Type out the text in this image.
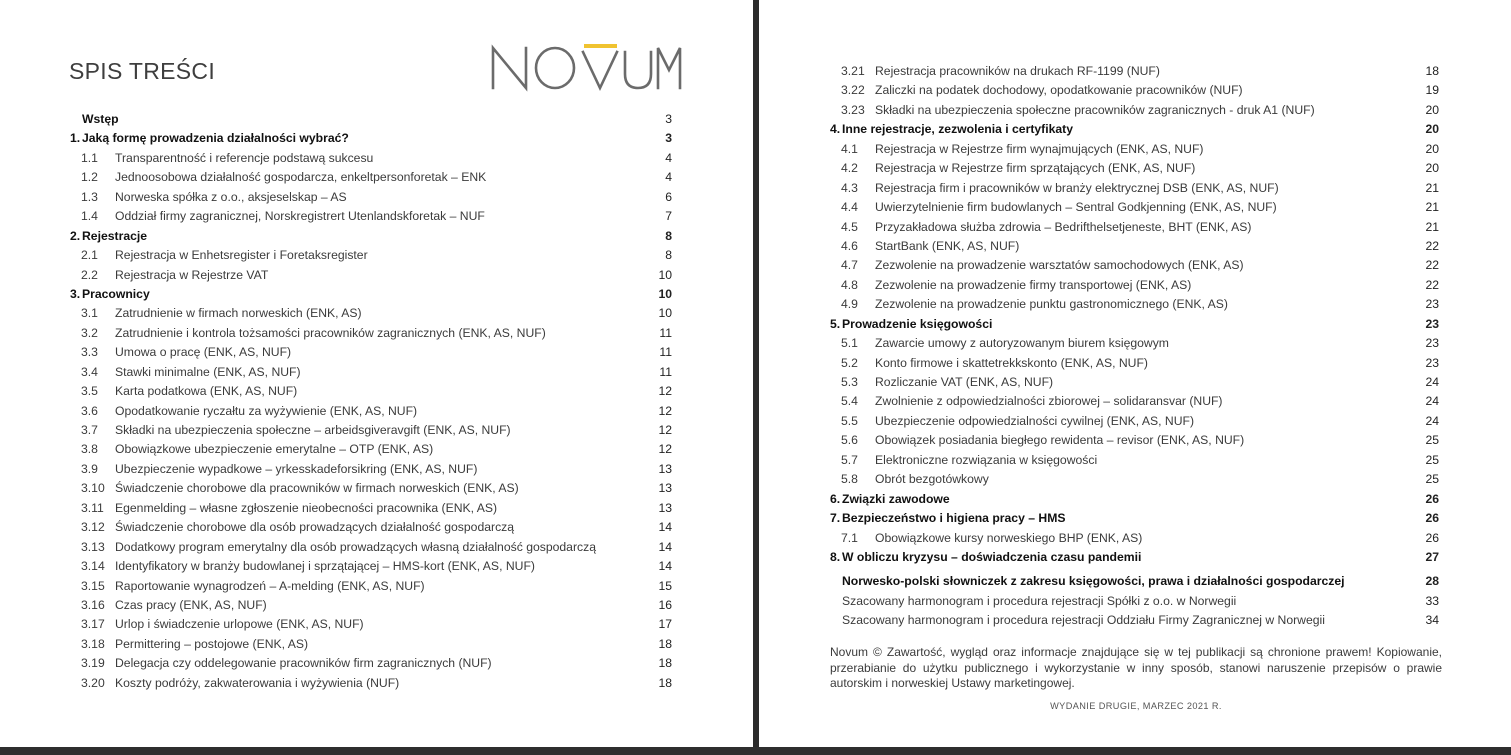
SPIS TREŚCI
Wstęp	3
1. Jaką formę prowadzenia działalności wybrać?	3
1.1 Transparentność i referencje podstawą sukcesu	4
1.2 Jednoosobowa działalność gospodarcza, enkeltpersonforetak – ENK	4
1.3 Norweska spółka z o.o., aksjeselskap – AS	6
1.4 Oddział firmy zagranicznej, Norskregistrert Utenlandskforetak – NUF	7
2. Rejestracje	8
2.1 Rejestracja w Enhetsregister i Foretaksregister	8
2.2 Rejestracja w Rejestrze VAT	10
3. Pracownicy	10
3.1 Zatrudnienie w firmach norweskich (ENK, AS)	10
3.2 Zatrudnienie i kontrola tożsamości pracowników zagranicznych (ENK, AS, NUF)	11
3.3 Umowa o pracę (ENK, AS, NUF)	11
3.4 Stawki minimalne (ENK, AS, NUF)	11
3.5 Karta podatkowa (ENK, AS, NUF)	12
3.6 Opodatkowanie ryczałtu za wyżywienie (ENK, AS, NUF)	12
3.7 Składki na ubezpieczenia społeczne – arbeidsgiveravgift (ENK, AS, NUF)	12
3.8 Obowiązkowe ubezpieczenie emerytalne – OTP (ENK, AS)	12
3.9 Ubezpieczenie wypadkowe – yrkesskadeforsikring (ENK, AS, NUF)	13
3.10 Świadczenie chorobowe dla pracowników w firmach norweskich (ENK, AS)	13
3.11 Egenmelding – własne zgłoszenie nieobecności pracownika (ENK, AS)	13
3.12 Świadczenie chorobowe dla osób prowadzących działalność gospodarczą	14
3.13 Dodatkowy program emerytalny dla osób prowadzących własną działalność gospodarczą	14
3.14 Identyfikatory w branży budowlanej i sprzątającej – HMS-kort (ENK, AS, NUF)	14
3.15 Raportowanie wynagrodzeń – A-melding (ENK, AS, NUF)	15
3.16 Czas pracy (ENK, AS, NUF)	16
3.17 Urlop i świadczenie urlopowe (ENK, AS, NUF)	17
3.18 Permittering – postojowe (ENK, AS)	18
3.19 Delegacja czy oddelegowanie pracowników firm zagranicznych (NUF)	18
3.20 Koszty podróży, zakwaterowania i wyżywienia (NUF)	18
3.21 Rejestracja pracowników na drukach RF-1199 (NUF)	18
3.22 Zaliczki na podatek dochodowy, opodatkowanie pracowników (NUF)	19
3.23 Składki na ubezpieczenia społeczne pracowników zagranicznych - druk A1 (NUF)	20
4. Inne rejestracje, zezwolenia i certyfikaty	20
4.1 Rejestracja w Rejestrze firm wynajmujących (ENK, AS, NUF)	20
4.2 Rejestracja w Rejestrze firm sprzątających (ENK, AS, NUF)	20
4.3 Rejestracja firm i pracowników w branży elektrycznej DSB (ENK, AS, NUF)	21
4.4 Uwierzytelnienie firm budowlanych – Sentral Godkjenning (ENK, AS, NUF)	21
4.5 Przyzakładowa służba zdrowia – Bedrifthelsetjeneste, BHT (ENK, AS)	21
4.6 StartBank (ENK, AS, NUF)	22
4.7 Zezwolenie na prowadzenie warsztatów samochodowych (ENK, AS)	22
4.8 Zezwolenie na prowadzenie firmy transportowej (ENK, AS)	22
4.9 Zezwolenie na prowadzenie punktu gastronomicznego (ENK, AS)	23
5. Prowadzenie księgowości	23
5.1 Zawarcie umowy z autoryzowanym biurem księgowym	23
5.2 Konto firmowe i skattetrekkskonto (ENK, AS, NUF)	23
5.3 Rozliczanie VAT (ENK, AS, NUF)	24
5.4 Zwolnienie z odpowiedzialności zbiorowej – solidaransvar (NUF)	24
5.5 Ubezpieczenie odpowiedzialności cywilnej (ENK, AS, NUF)	24
5.6 Obowiązek posiadania biegłego rewidenta – revisor (ENK, AS, NUF)	25
5.7 Elektroniczne rozwiązania w księgowości	25
5.8 Obrót bezgotówkowy	25
6. Związki zawodowe	26
7. Bezpieczeństwo i higiena pracy – HMS	26
7.1 Obowiązkowe kursy norweskiego BHP (ENK, AS)	26
8. W obliczu kryzysu – doświadczenia czasu pandemii	27
Norwesko-polski słowniczek z zakresu księgowości, prawa i działalności gospodarczej	28
Szacowany harmonogram i procedura rejestracji Spółki z o.o. w Norwegii	33
Szacowany harmonogram i procedura rejestracji Oddziału Firmy Zagranicznej w Norwegii	34
Novum © Zawartość, wygląd oraz informacje znajdujące się w tej publikacji są chronione prawem! Kopiowanie, przerabianie do użytku publicznego i wykorzystanie w inny sposób, stanowi naruszenie przepisów o prawie autorskim i norweskiej Ustawy marketingowej.
WYDANIE DRUGIE, MARZEC 2021 R.
